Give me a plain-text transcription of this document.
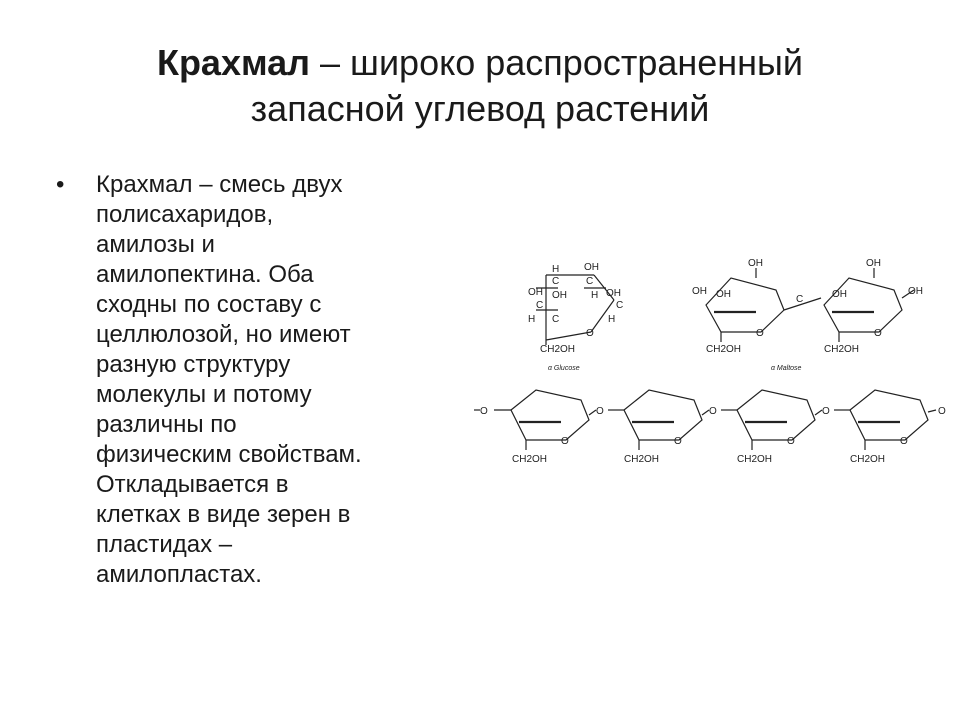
Крахмал – широко распространенный
запасной углевод растений
• Крахмал – смесь двух
полисахаридов,
амилозы и
амилопектина. Оба
сходны по составу с
целлюлозой, но имеют
разную структуру
молекулы и потому
различны по
физическим свойствам.
Откладывается в
клетках в виде зерен в
пластидах –
амилопластах.
H OH
C	C
OH OH H OH
C	C
H C
O
H
CH2OH
α Glucose
OH
OH OH	C
O
CH2OH
OH
OH	OH
O
CH2OH
α Maltose
O	O	O	O	O
O	O	O	O
CH2OH	CH2OH	CH2OH	CH2OH
